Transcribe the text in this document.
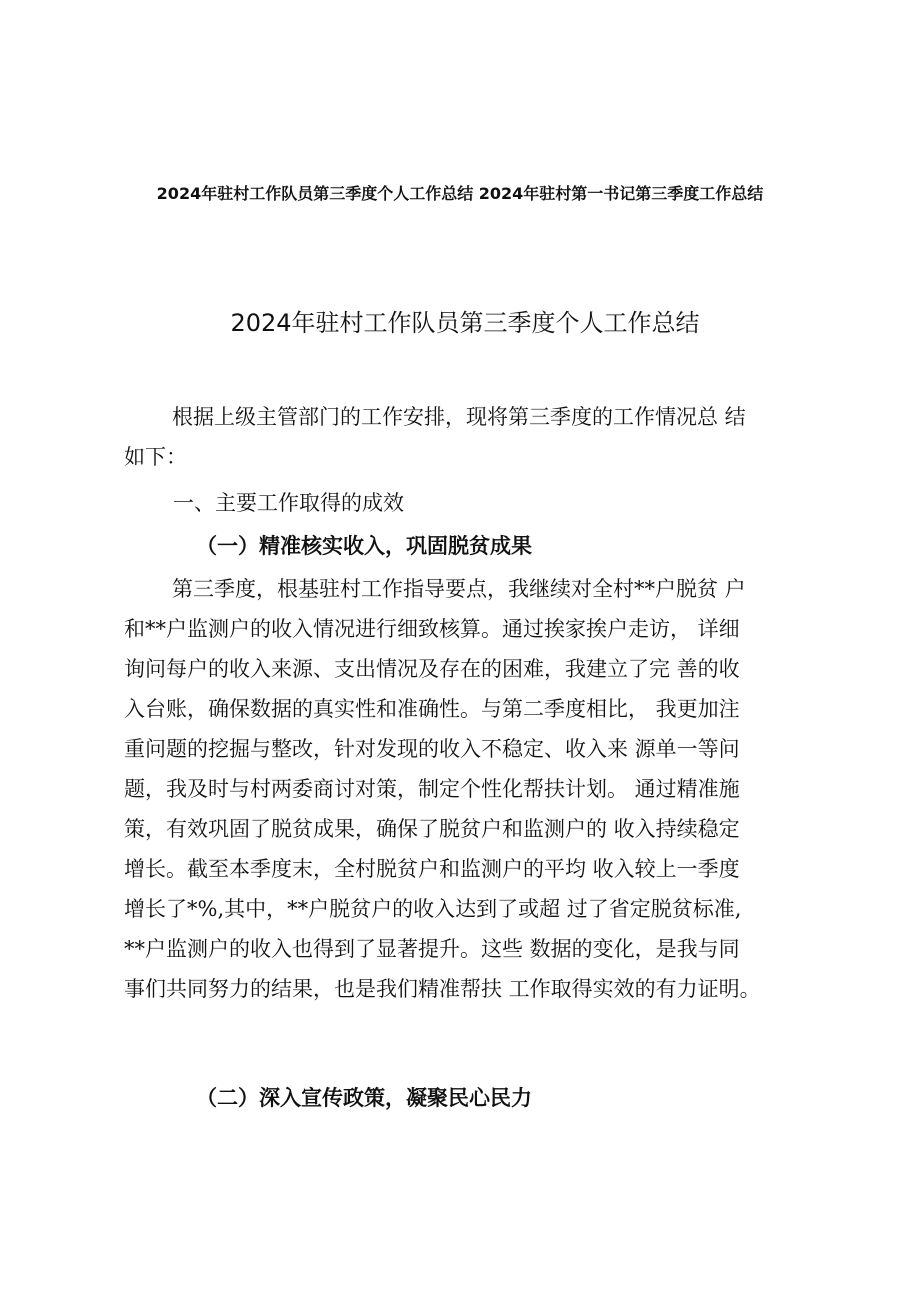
2024年驻村工作队员第三季度个人工作总结 2024年驻村第一书记第三季度工作总结
2024年驻村工作队员第三季度个人工作总结
根据上级主管部门的工作安排，现将第三季度的工作情况总 结
如下：
一、主要工作取得的成效
（一）精准核实收入，巩固脱贫成果
第三季度，根基驻村工作指导要点，我继续对全村**户脱贫 户
和**户监测户的收入情况进行细致核算。通过挨家挨户走访， 详细
询问每户的收入来源、支出情况及存在的困难，我建立了完 善的收
入台账，确保数据的真实性和准确性。与第二季度相比， 我更加注
重问题的挖掘与整改，针对发现的收入不稳定、收入来 源单一等问
题，我及时与村两委商讨对策，制定个性化帮扶计划。 通过精准施
策，有效巩固了脱贫成果，确保了脱贫户和监测户的 收入持续稳定
增长。截至本季度末，全村脱贫户和监测户的平均 收入较上一季度
增长了*%,其中，**户脱贫户的收入达到了或超 过了省定脱贫标准,
**户监测户的收入也得到了显著提升。这些 数据的变化，是我与同
事们共同努力的结果，也是我们精准帮扶 工作取得实效的有力证明。
（二）深入宣传政策，凝聚民心民力
